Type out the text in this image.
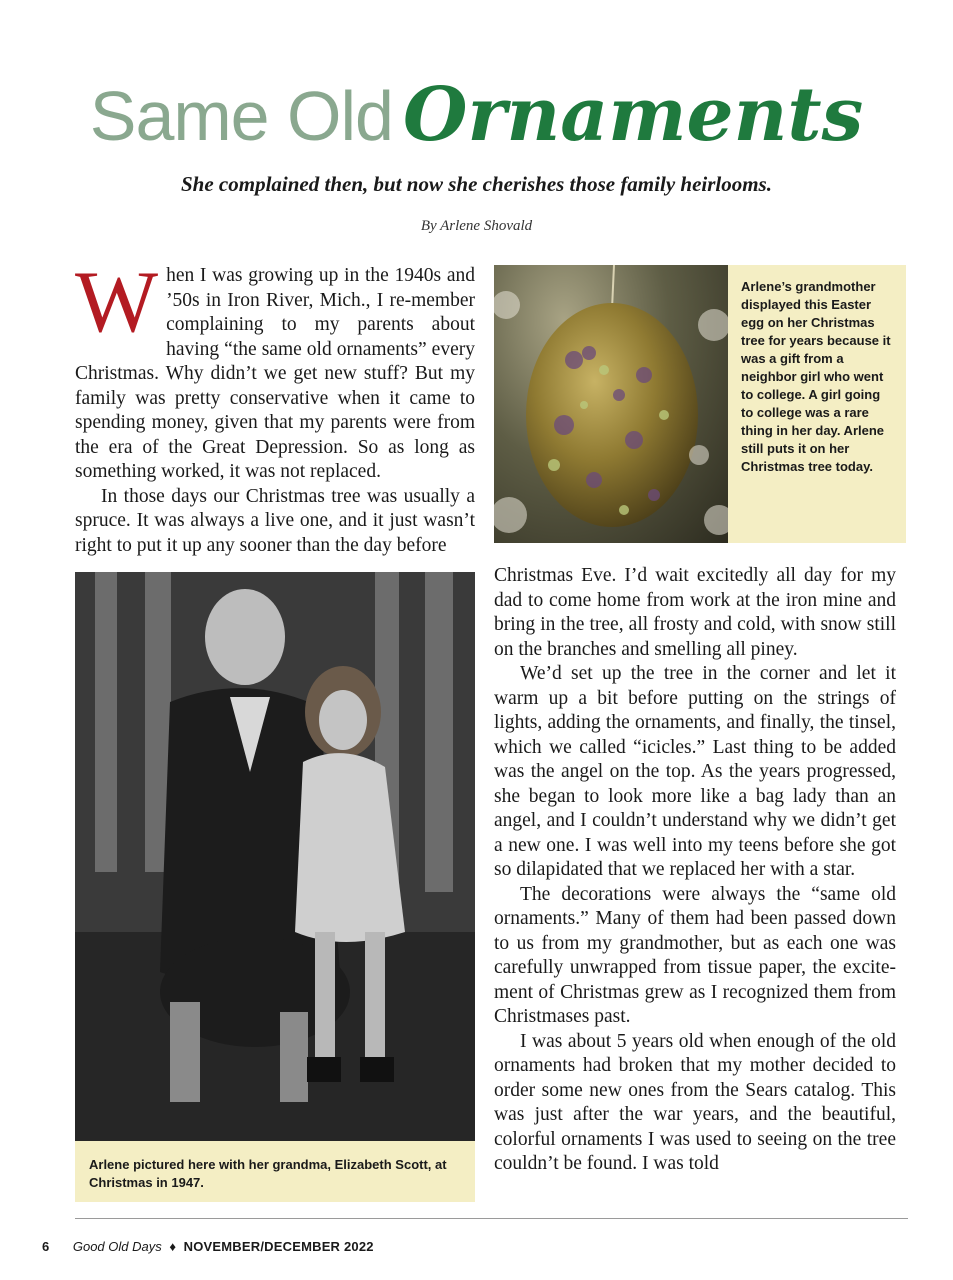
Same Old Ornaments
She complained then, but now she cherishes those family heirlooms.
By Arlene Shovald

When I was growing up in the 1940s and ’50s in Iron River, Mich., I re-member complaining to my parents about having “the same old ornaments” every Christmas. Why didn’t we get new stuff? But my family was pretty conservative when it came to spending money, given that my parents were from the era of the Great Depression. So as long as something worked, it was not replaced.

In those days our Christmas tree was usually a spruce. It was always a live one, and it just wasn’t right to put it up any sooner than the day before

Arlene’s grandmother displayed this Easter egg on her Christmas tree for years because it was a gift from a neighbor girl who went to college. A girl going to college was a rare thing in her day. Arlene still puts it on her Christmas tree today.
Arlene pictured here with her grandma, Elizabeth Scott, at Christmas in 1947.

Christmas Eve. I’d wait excitedly all day for my dad to come home from work at the iron mine and bring in the tree, all frosty and cold, with snow still on the branches and smelling all piney.

We’d set up the tree in the corner and let it warm up a bit before putting on the strings of lights, adding the ornaments, and finally, the tinsel, which we called “icicles.” Last thing to be added was the angel on the top. As the years progressed, she began to look more like a bag lady than an angel, and I couldn’t understand why we didn’t get a new one. I was well into my teens before she got so dilapidated that we replaced her with a star.

The decorations were always the “same old ornaments.” Many of them had been passed down to us from my grandmother, but as each one was carefully unwrapped from tissue paper, the excite-ment of Christmas grew as I recognized them from Christmases past.

I was about 5 years old when enough of the old ornaments had broken that my mother decided to order some new ones from the Sears catalog. This was just after the war years, and the beautiful, colorful ornaments I was used to seeing on the tree couldn’t be found. I was told

6 Good Old Days ♦ NOVEMBER/DECEMBER 2022
